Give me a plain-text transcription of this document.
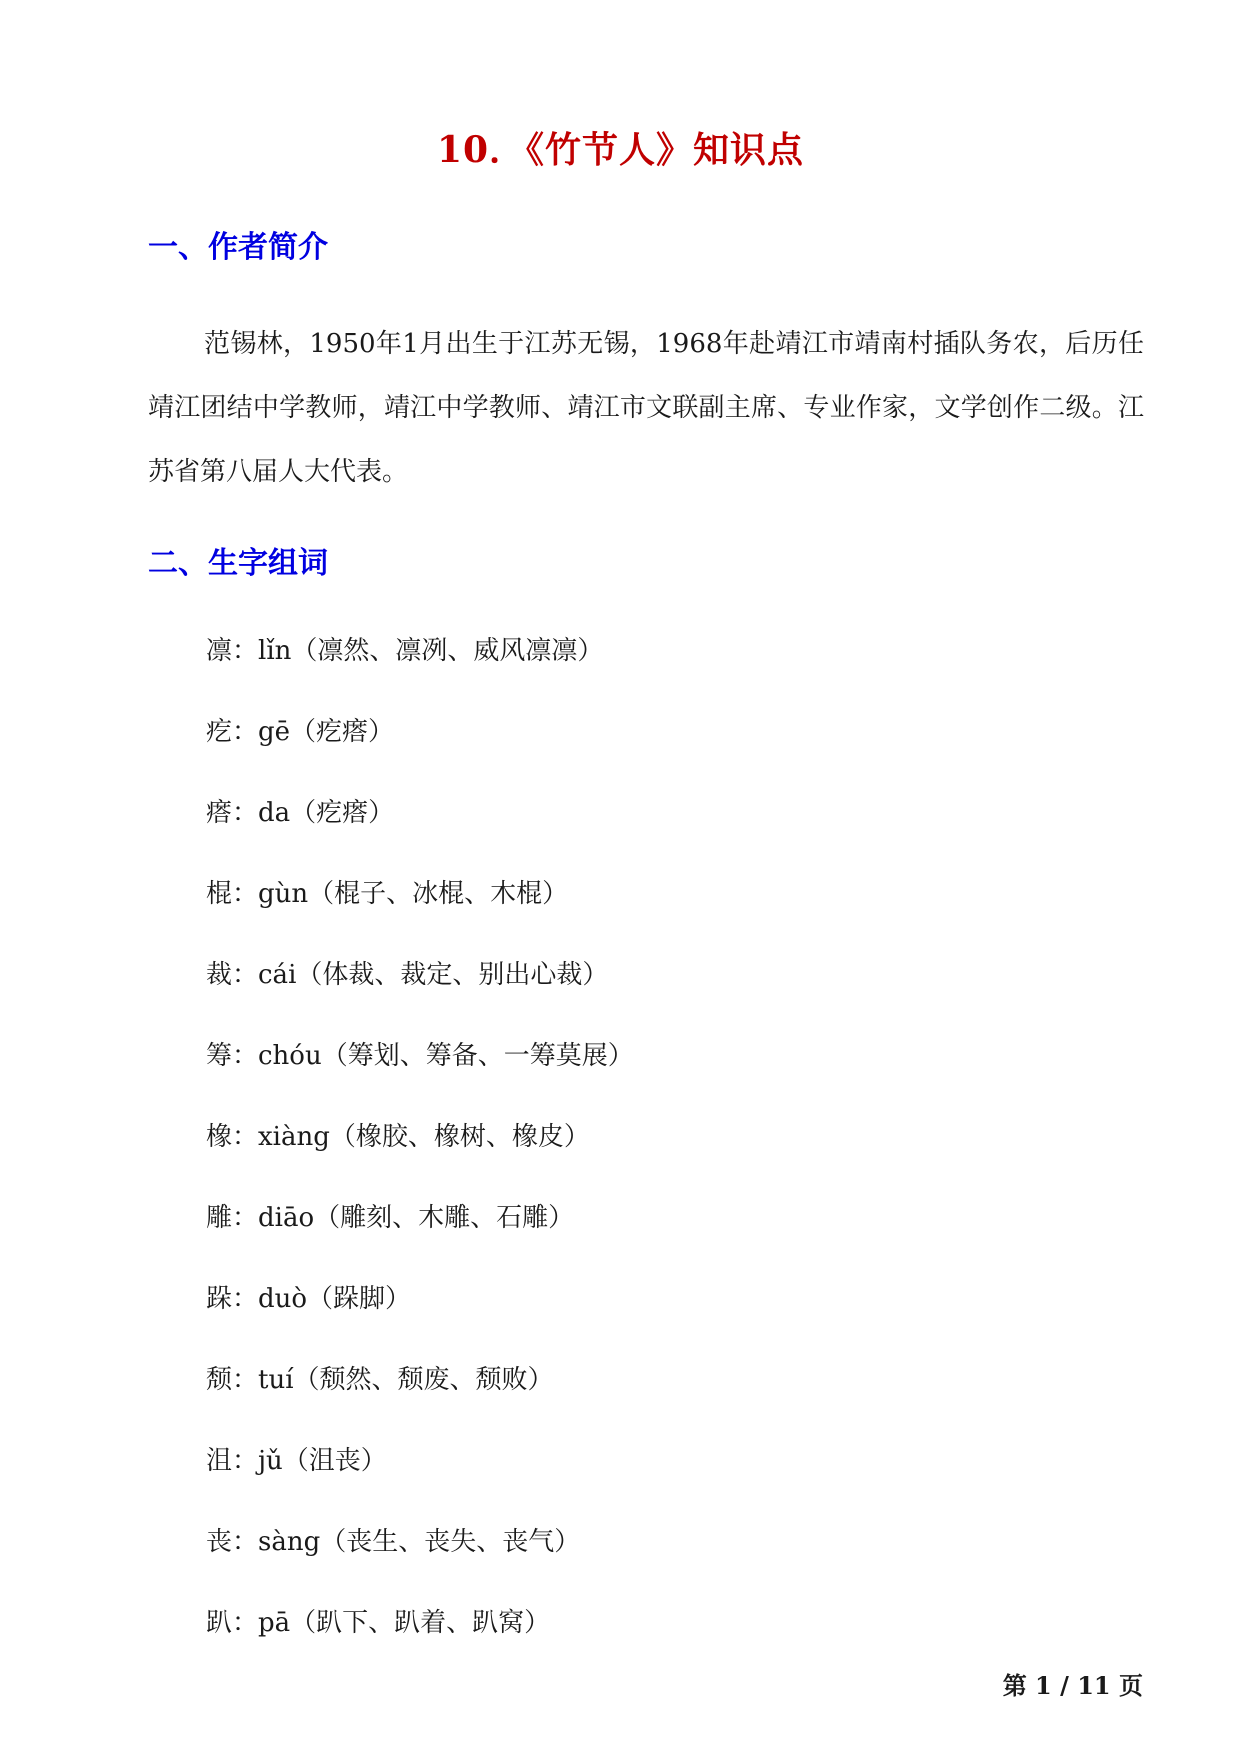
10．《竹节人》知识点
一、作者简介

范锡林，1950年1月出生于江苏无锡，1968年赴靖江市靖南村插队务农，后历任靖江团结中学教师，靖江中学教师、靖江市文联副主席、专业作家，文学创作二级。江苏省第八届人大代表。

二、生字组词
凛：lǐn（凛然、凛冽、威风凛凛）
疙：gē（疙瘩）
瘩：da（疙瘩）
棍：gùn（棍子、冰棍、木棍）
裁：cái（体裁、裁定、别出心裁）
筹：chóu（筹划、筹备、一筹莫展）
橡：xiàng（橡胶、橡树、橡皮）
雕：diāo（雕刻、木雕、石雕）
跺：duò（跺脚）
颓：tuí（颓然、颓废、颓败）
沮：jǔ（沮丧）
丧：sàng（丧生、丧失、丧气）
趴：pā（趴下、趴着、趴窝）
第 1 / 11 页
